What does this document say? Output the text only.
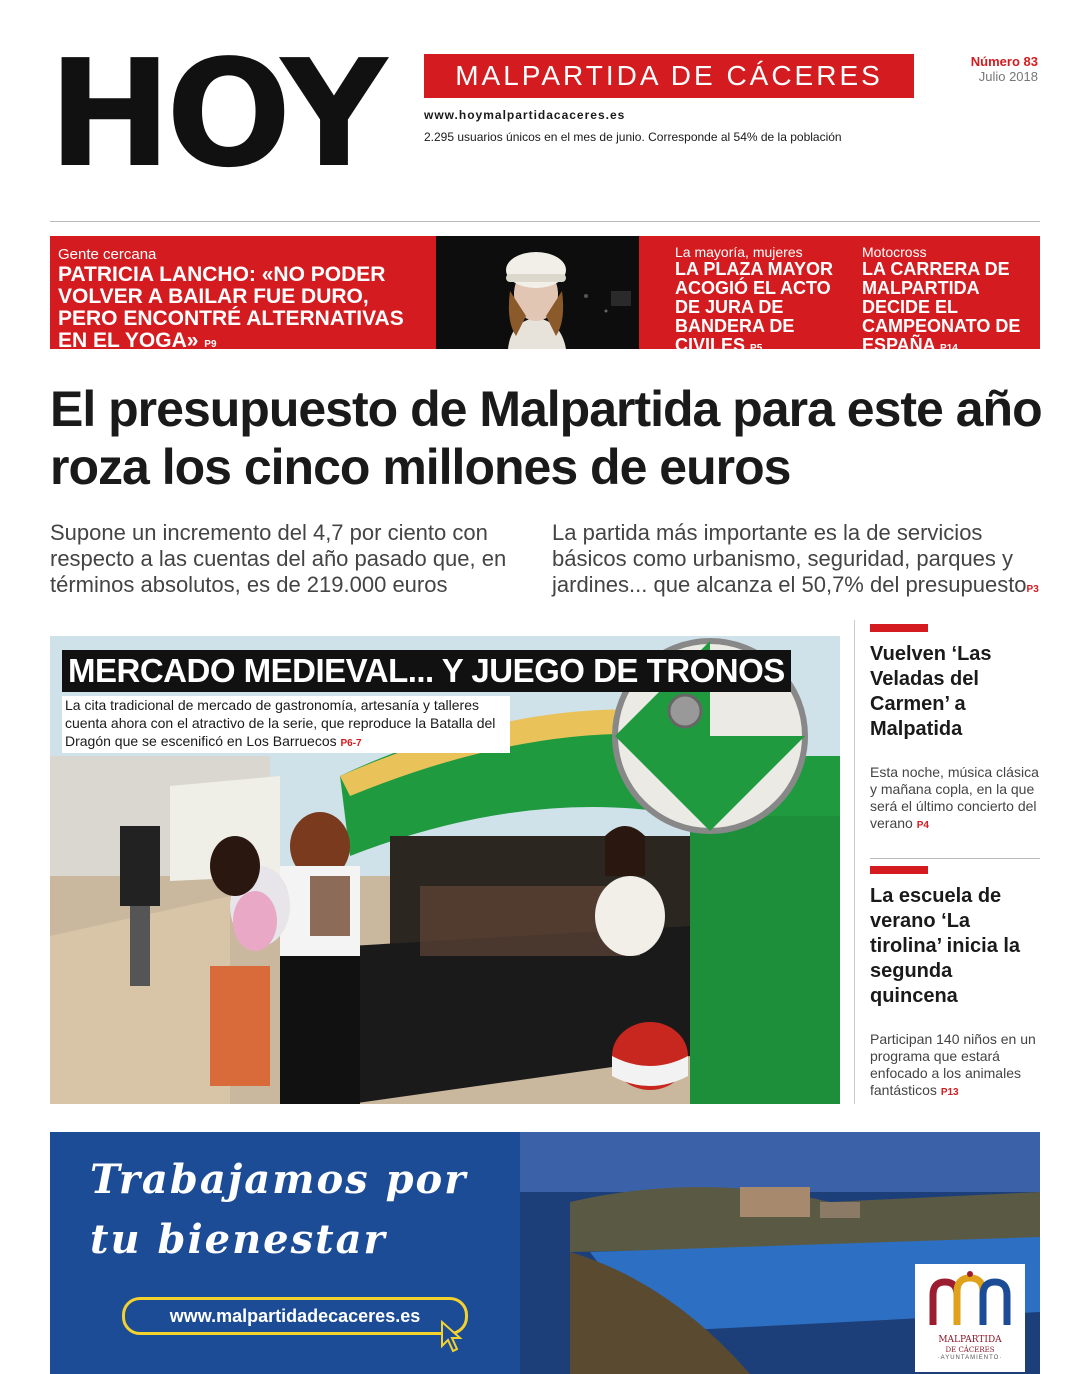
HOY	MALPARTIDA DE CÁCERES
www.hoymalpartidacaceres.es
2.295 usuarios únicos en el mes de junio. Corresponde al 54% de la población
Número 83
Julio 2018
Gente cercana
PATRICIA LANCHO: «NO PODER VOLVER A BAILAR FUE DURO, PERO ENCONTRÉ ALTERNATIVAS EN EL YOGA» P9
La mayoría, mujeres
LA PLAZA MAYOR ACOGIÓ EL ACTO DE JURA DE BANDERA DE CIVILES P5
Motocross
LA CARRERA DE MALPARTIDA DECIDE EL CAMPEONATO DE ESPAÑA P14
El presupuesto de Malpartida para este año roza los cinco millones de euros
Supone un incremento del 4,7 por ciento con respecto a las cuentas del año pasado que, en términos absolutos, es de 219.000 euros
La partida más importante es la de servicios básicos como urbanismo, seguridad, parques y jardines... que alcanza el 50,7% del presupuestoP3
MERCADO MEDIEVAL... Y JUEGO DE TRONOS
La cita tradicional de mercado de gastronomía, artesanía y talleres cuenta ahora con el atractivo de la serie, que reproduce la Batalla del Dragón que se escenificó en Los Barruecos P6-7
Vuelven ‘Las Veladas del Carmen’ a Malpatida

Esta noche, música clásica y mañana copla, en la que será el último concierto del verano P4

La escuela de verano ‘La tirolina’ inicia la segunda quincena

Participan 140 niños en un programa que estará enfocado a los animales fantásticos P13

Trabajamos por
tu bienestar
www.malpartidadecaceres.es
MALPARTIDA
DE CÁCERES
·AYUNTAMIENTO·
